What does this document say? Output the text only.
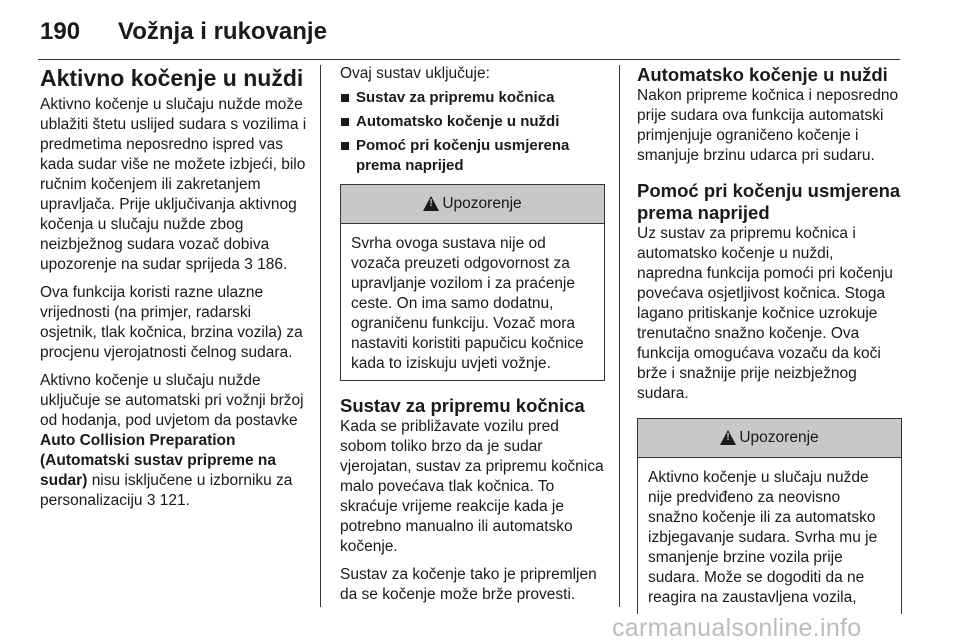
190 Vožnja i rukovanje
Aktivno kočenje u nuždi

Aktivno kočenje u slučaju nužde može ublažiti štetu uslijed sudara s vozilima i predmetima neposredno ispred vas kada sudar više ne možete izbjeći, bilo ručnim kočenjem ili zakretanjem upravljača. Prije uključivanja aktivnog kočenja u slučaju nužde zbog neizbježnog sudara vozač dobiva upozorenje na sudar sprijeda 3 186.

Ova funkcija koristi razne ulazne vrijednosti (na primjer, radarski osjetnik, tlak kočnica, brzina vozila) za procjenu vjerojatnosti čelnog sudara.

Aktivno kočenje u slučaju nužde uključuje se automatski pri vožnji bržoj od hodanja, pod uvjetom da postavke Auto Collision Preparation (Automatski sustav pripreme na sudar) nisu isključene u izborniku za personalizaciju 3 121.

Ovaj sustav uključuje:

Sustav za pripremu kočnica
Automatsko kočenje u nuždi
Pomoć pri kočenju usmjerena prema naprijed
! Upozorenje
Svrha ovoga sustava nije od vozača preuzeti odgovornost za upravljanje vozilom i za praćenje ceste. On ima samo dodatnu, ograničenu funkciju. Vozač mora nastaviti koristiti papučicu kočnice kada to iziskuju uvjeti vožnje.
Sustav za pripremu kočnica

Kada se približavate vozilu pred sobom toliko brzo da je sudar vjerojatan, sustav za pripremu kočnica malo povećava tlak kočnica. To skraćuje vrijeme reakcije kada je potrebno manualno ili automatsko kočenje.

Sustav za kočenje tako je pripremljen da se kočenje može brže provesti.

Automatsko kočenje u nuždi

Nakon pripreme kočnica i neposredno prije sudara ova funkcija automatski primjenjuje ograničeno kočenje i smanjuje brzinu udarca pri sudaru.

Pomoć pri kočenju usmjerena prema naprijed

Uz sustav za pripremu kočnica i automatsko kočenje u nuždi, napredna funkcija pomoći pri kočenju povećava osjetljivost kočnica. Stoga lagano pritiskanje kočnice uzrokuje trenutačno snažno kočenje. Ova funkcija omogućava vozaču da koči brže i snažnije prije neizbježnog sudara.

! Upozorenje
Aktivno kočenje u slučaju nužde nije predviđeno za neovisno snažno kočenje ili za automatsko izbjegavanje sudara. Svrha mu je smanjenje brzine vozila prije sudara. Može se dogoditi da ne reagira na zaustavljena vozila,
carmanualsonline.info
